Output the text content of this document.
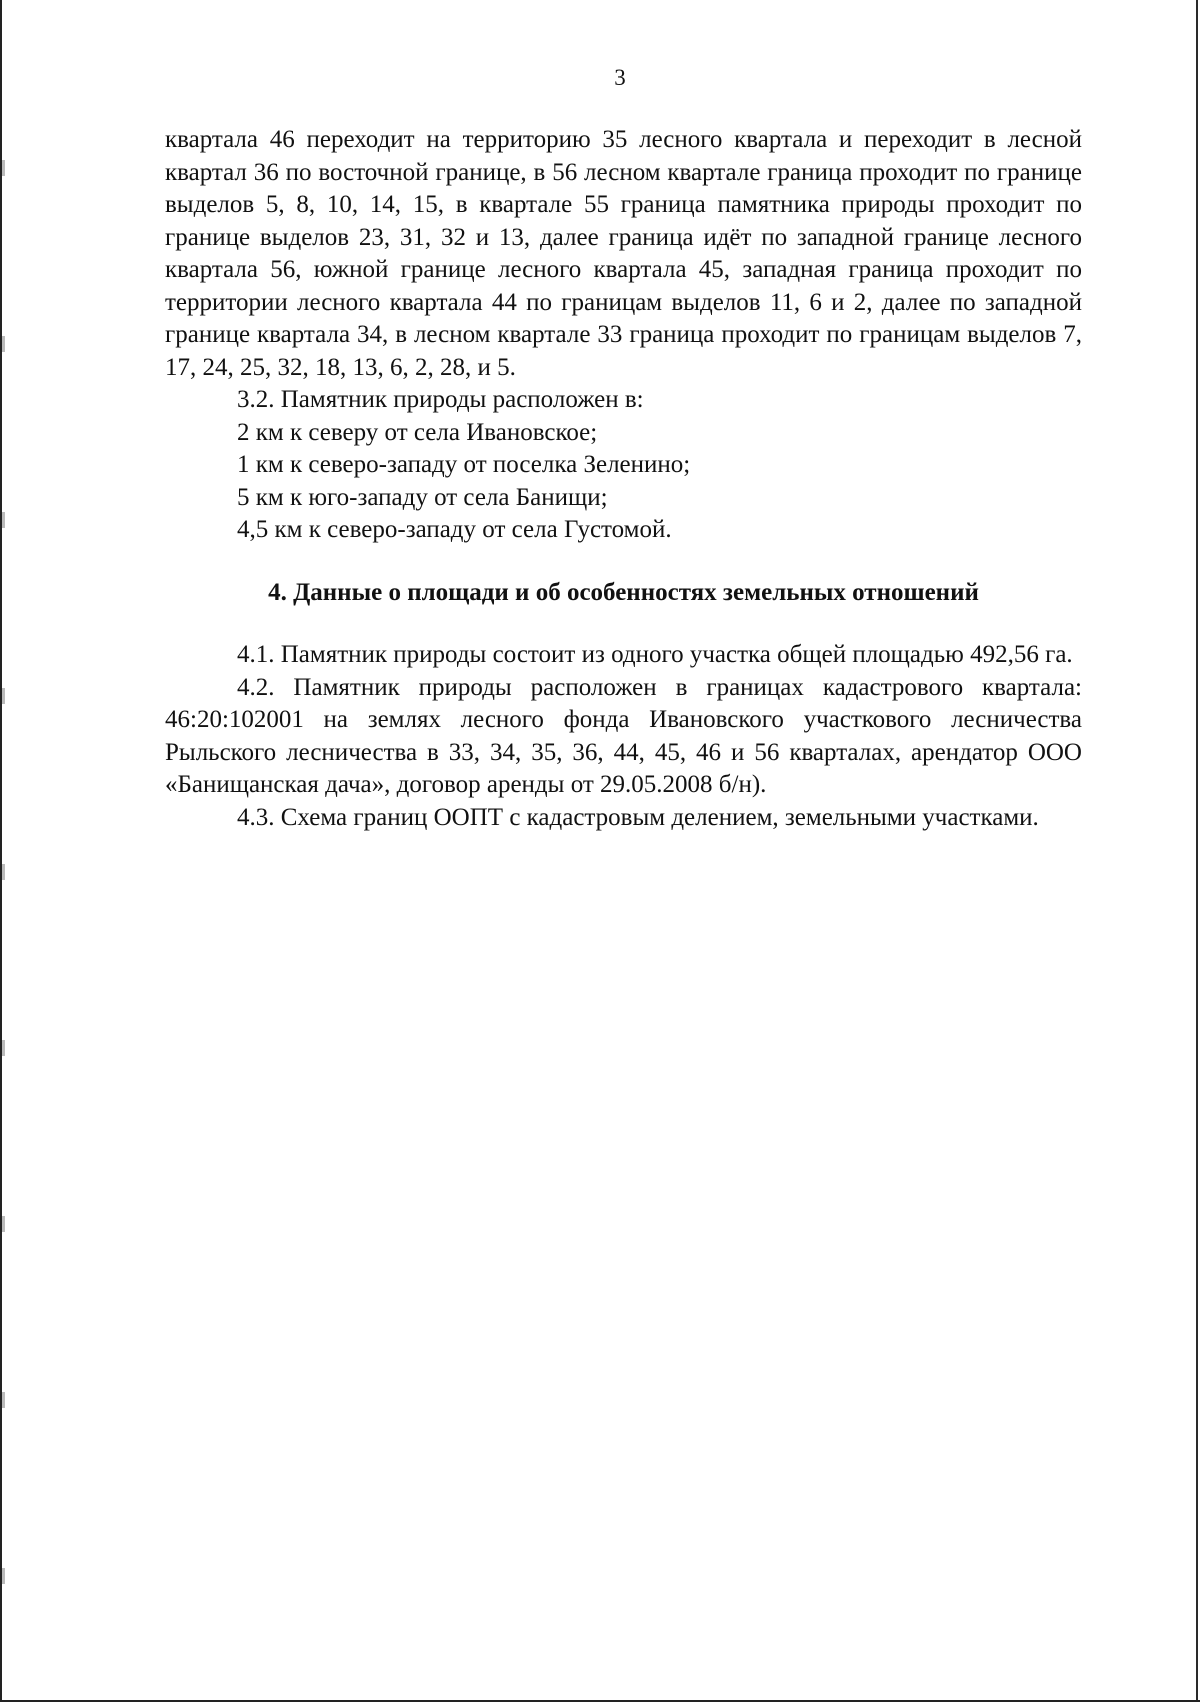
3

квартала 46 переходит на территорию 35 лесного квартала и переходит в лесной квартал 36 по восточной границе, в 56 лесном квартале граница проходит по границе выделов 5, 8, 10, 14, 15, в квартале 55 граница памятника природы проходит по границе выделов 23, 31, 32 и 13, далее граница идёт по западной границе лесного квартала 56, южной границе лесного квартала 45, западная граница проходит по территории лесного квартала 44 по границам выделов 11, 6 и 2, далее по западной границе квартала 34, в лесном квартале 33 граница проходит по границам выделов 7, 17, 24, 25, 32, 18, 13, 6, 2, 28, и 5.

3.2. Памятник природы расположен в:

2 км к северу от села Ивановское;

1 км к северо-западу от поселка Зеленино;

5 км к юго-западу от села Банищи;

4,5 км к северо-западу от села Густомой.

4. Данные о площади и об особенностях земельных отношений

4.1. Памятник природы состоит из одного участка общей площадью 492,56 га.

4.2. Памятник природы расположен в границах кадастрового квартала: 46:20:102001 на землях лесного фонда Ивановского участкового лесничества Рыльского лесничества в 33, 34, 35, 36, 44, 45, 46 и 56 кварталах, арендатор ООО «Банищанская дача», договор аренды от 29.05.2008 б/н).

4.3. Схема границ ООПТ с кадастровым делением, земельными участками.
